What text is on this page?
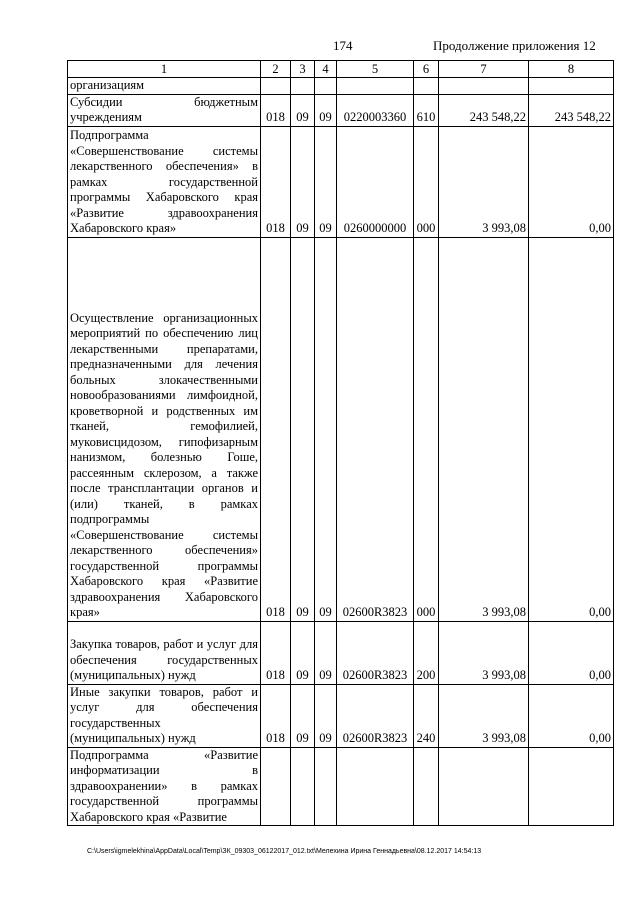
174	Продолжение приложения 12
1	2	3	4	5	6	7	8
организациям							
Субсидии бюджетным учреждениям	018	09	09	0220003360	610	243 548,22	243 548,22
Подпрограмма «Совершенствование системы лекарственного обеспечения» в рамках государственной программы Хабаровского края «Развитие здравоохранения Хабаровского края»	018	09	09	0260000000	000	3 993,08	0,00
Осуществление организационных мероприятий по обеспечению лиц лекарственными препаратами, предназначенными для лечения больных злокачественными новообразованиями лимфоидной, кроветворной и родственных им тканей, гемофилией, муковисцидозом, гипофизарным нанизмом, болезнью Гоше, рассеянным склерозом, а также после трансплантации органов и (или) тканей, в рамках подпрограммы «Совершенствование системы лекарственного обеспечения» государственной программы Хабаровского края «Развитие здравоохранения Хабаровского края»	018	09	09	02600R3823	000	3 993,08	0,00
Закупка товаров, работ и услуг для обеспечения государственных (муниципальных) нужд	018	09	09	02600R3823	200	3 993,08	0,00
Иные закупки товаров, работ и услуг для обеспечения государственных (муниципальных) нужд	018	09	09	02600R3823	240	3 993,08	0,00
Подпрограмма «Развитие информатизации в здравоохранении» в рамках государственной программы Хабаровского края «Развитие							
C:\Users\igmelekhina\AppData\Local\Temp\ЗК_09303_06122017_012.txt\Мелехина Ирина Геннадьевна\08.12.2017 14:54:13
